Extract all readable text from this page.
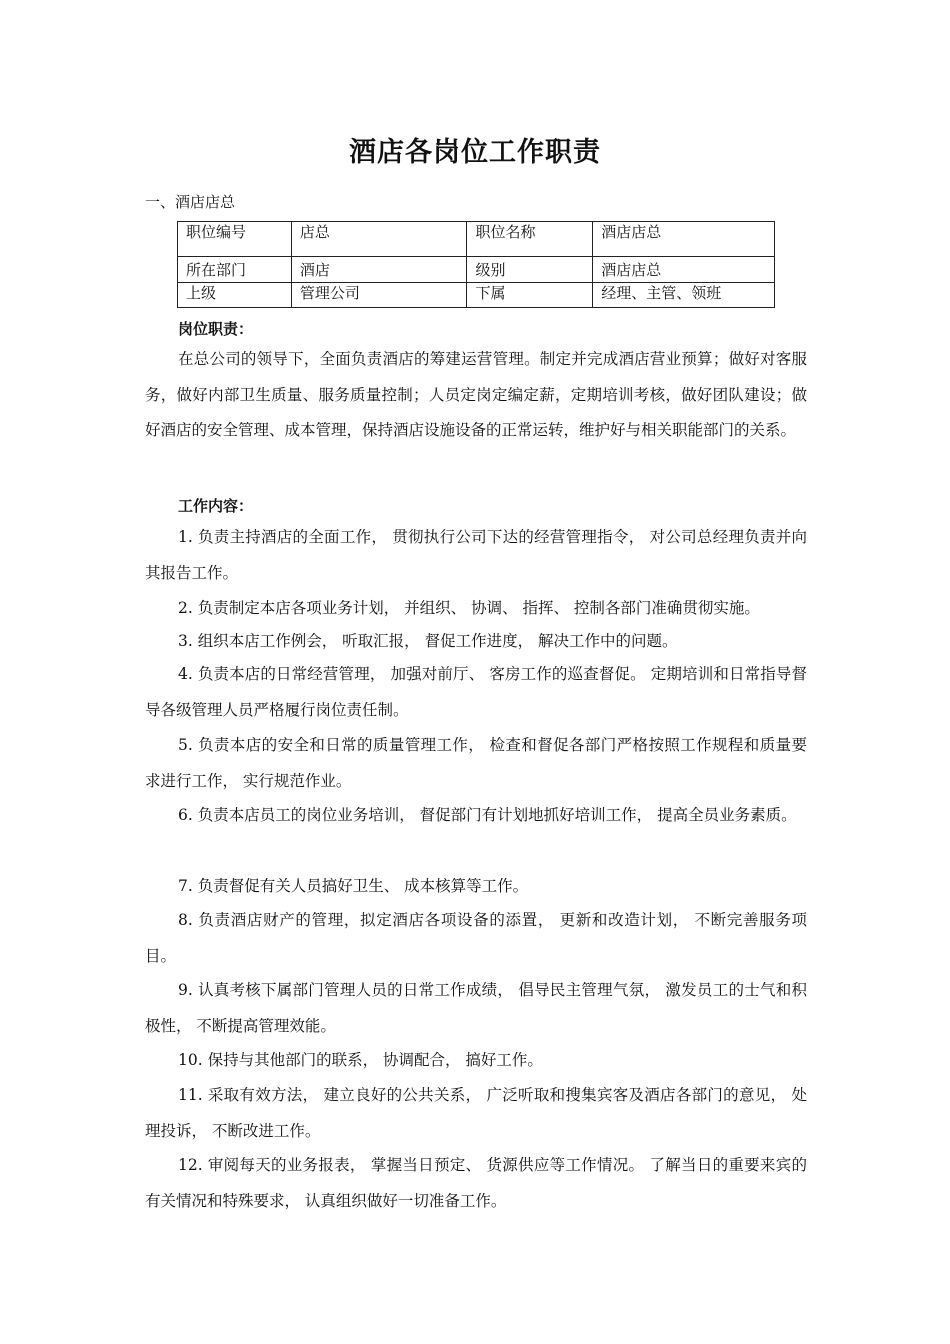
酒店各岗位工作职责
一、酒店店总
职位编号	店总	职位名称	酒店店总
所在部门	酒店	级别	酒店店总
上级	管理公司	下属	经理、主管、领班
岗位职责：
在总公司的领导下，全面负责酒店的筹建运营管理。制定并完成酒店营业预算；做好对客服务，做好内部卫生质量、服务质量控制；人员定岗定编定薪，定期培训考核，做好团队建设；做好酒店的安全管理、成本管理，保持酒店设施设备的正常运转，维护好与相关职能部门的关系。
工作内容：
1. 负责主持酒店的全面工作， 贯彻执行公司下达的经营管理指令， 对公司总经理负责并向其报告工作。
2. 负责制定本店各项业务计划， 并组织、 协调、 指挥、 控制各部门准确贯彻实施。
3. 组织本店工作例会， 听取汇报， 督促工作进度， 解决工作中的问题。
4. 负责本店的日常经营管理， 加强对前厅、 客房工作的巡查督促。 定期培训和日常指导督导各级管理人员严格履行岗位责任制。
5. 负责本店的安全和日常的质量管理工作， 检查和督促各部门严格按照工作规程和质量要求进行工作， 实行规范作业。
6. 负责本店员工的岗位业务培训， 督促部门有计划地抓好培训工作， 提高全员业务素质。
7. 负责督促有关人员搞好卫生、 成本核算等工作。
8. 负责酒店财产的管理，拟定酒店各项设备的添置， 更新和改造计划， 不断完善服务项目。
9. 认真考核下属部门管理人员的日常工作成绩， 倡导民主管理气氛， 激发员工的士气和积极性， 不断提高管理效能。
10. 保持与其他部门的联系， 协调配合， 搞好工作。
11. 采取有效方法， 建立良好的公共关系， 广泛听取和搜集宾客及酒店各部门的意见， 处理投诉， 不断改进工作。
12. 审阅每天的业务报表， 掌握当日预定、 货源供应等工作情况。 了解当日的重要来宾的有关情况和特殊要求， 认真组织做好一切准备工作。
